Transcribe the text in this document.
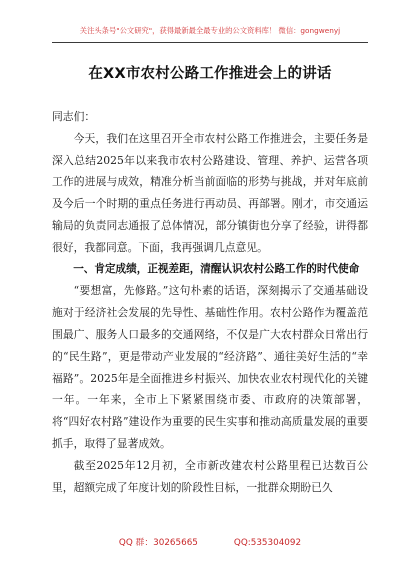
关注头条号"公文研究"，获得最新最全最专业的公文资料库！ 微信：gongwenyj
在XX市农村公路工作推进会上的讲话

同志们：

今天，我们在这里召开全市农村公路工作推进会，主要任务是深入总结2025年以来我市农村公路建设、管理、养护、运营各项工作的进展与成效，精准分析当前面临的形势与挑战，并对年底前及今后一个时期的重点任务进行再动员、再部署。刚才，市交通运输局的负责同志通报了总体情况，部分镇街也分享了经验，讲得都很好，我都同意。下面，我再强调几点意见。

一、肯定成绩，正视差距，清醒认识农村公路工作的时代使命

“要想富，先修路。”这句朴素的话语，深刻揭示了交通基础设施对于经济社会发展的先导性、基础性作用。农村公路作为覆盖范围最广、服务人口最多的交通网络，不仅是广大农村群众日常出行的“民生路”，更是带动产业发展的“经济路”、通往美好生活的“幸福路”。2025年是全面推进乡村振兴、加快农业农村现代化的关键一年。一年来，全市上下紧紧围绕市委、市政府的决策部署，将“四好农村路”建设作为重要的民生实事和推动高质量发展的重要抓手，取得了显著成效。

截至2025年12月初，全市新改建农村公路里程已达数百公里，超额完成了年度计划的阶段性目标，一批群众期盼已久

QQ 群：30265665	QQ:535304092
